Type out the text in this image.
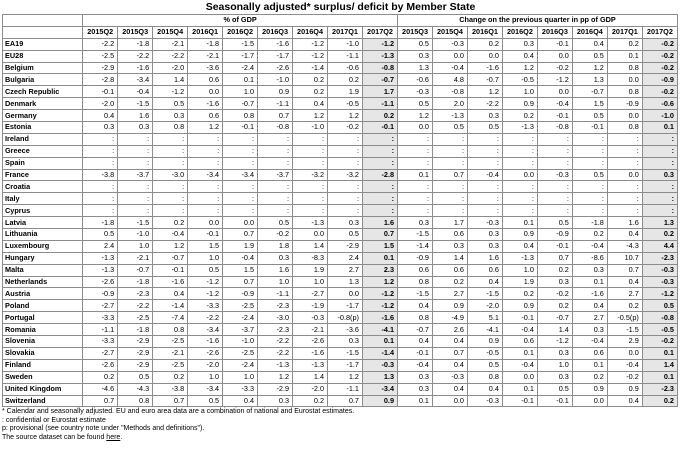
Seasonally adjusted* surplus/ deficit by Member State
	% of GDP									Change on the previous quarter in pp of GDP							
	2015Q2	2015Q3	2015Q4	2016Q1	2016Q2	2016Q3	2016Q4	2017Q1	2017Q2	2015Q3	2015Q4	2016Q1	2016Q2	2016Q3	2016Q4	2017Q1	2017Q2
EA19	-2.2	-1.8	-2.1	-1.8	-1.5	-1.6	-1.2	-1.0	-1.2	0.5	-0.3	0.2	0.3	-0.1	0.4	0.2	-0.2
EU28	-2.5	-2.2	-2.2	-2.1	-1.7	-1.7	-1.2	-1.1	-1.3	0.3	0.0	0.0	0.4	0.0	0.5	0.1	-0.2
Belgium	-2.9	-1.6	-2.0	-3.6	-2.4	-2.6	-1.4	-0.6	-0.8	1.3	-0.4	-1.6	1.2	-0.2	1.2	0.8	-0.2
Bulgaria	-2.8	-3.4	1.4	0.6	0.1	-1.0	0.2	0.2	-0.7	-0.6	4.8	-0.7	-0.5	-1.2	1.3	0.0	-0.9
Czech Republic	-0.1	-0.4	-1.2	0.0	1.0	0.9	0.2	1.9	1.7	-0.3	-0.8	1.2	1.0	0.0	-0.7	0.8	-0.2
Denmark	-2.0	-1.5	0.5	-1.6	-0.7	-1.1	0.4	-0.5	-1.1	0.5	2.0	-2.2	0.9	-0.4	1.5	-0.9	-0.6
Germany	0.4	1.6	0.3	0.6	0.8	0.7	1.2	1.2	0.2	1.2	-1.3	0.3	0.2	-0.1	0.5	0.0	-1.0
Estonia	0.3	0.3	0.8	1.2	-0.1	-0.8	-1.0	-0.2	-0.1	0.0	0.5	0.5	-1.3	-0.8	-0.1	0.8	0.1
Ireland	:	:	:	:	:	:	:	:	:	:	:	:	:	:	:	:	:
Greece	:	:	:	:	:	:	:	:	:	:	:	:	:	:	:	:	:
Spain	:	:	:	:	:	:	:	:	:	:	:	:	:	:	:	:	:
France	-3.8	-3.7	-3.0	-3.4	-3.4	-3.7	-3.2	-3.2	-2.8	0.1	0.7	-0.4	0.0	-0.3	0.5	0.0	0.3
Croatia	:	:	:	:	:	:	:	:	:	:	:	:	:	:	:	:	:
Italy	:	:	:	:	:	:	:	:	:	:	:	:	:	:	:	:	:
Cyprus	:	:	:	:	:	:	:	:	:	:	:	:	:	:	:	:	:
Latvia	-1.8	-1.5	0.2	0.0	0.0	0.5	-1.3	0.3	1.6	0.3	1.7	-0.3	0.1	0.5	-1.8	1.6	1.3
Lithuania	0.5	-1.0	-0.4	-0.1	0.7	-0.2	0.0	0.5	0.7	-1.5	0.6	0.3	0.9	-0.9	0.2	0.4	0.2
Luxembourg	2.4	1.0	1.2	1.5	1.9	1.8	1.4	-2.9	1.5	-1.4	0.3	0.3	0.4	-0.1	-0.4	-4.3	4.4
Hungary	-1.3	-2.1	-0.7	1.0	-0.4	0.3	-8.3	2.4	0.1	-0.9	1.4	1.6	-1.3	0.7	-8.6	10.7	-2.3
Malta	-1.3	-0.7	-0.1	0.5	1.5	1.6	1.9	2.7	2.3	0.6	0.6	0.6	1.0	0.2	0.3	0.7	-0.3
Netherlands	-2.6	-1.8	-1.6	-1.2	0.7	1.0	1.0	1.3	1.2	0.8	0.2	0.4	1.9	0.3	0.1	0.4	-0.3
Austria	-0.9	-2.3	0.4	-1.2	-0.9	-1.1	-2.7	0.0	-1.2	-1.5	2.7	-1.5	0.2	-0.2	-1.6	2.7	-1.2
Poland	-2.7	-2.2	-1.4	-3.3	-2.5	-2.3	-1.9	-1.7	-1.2	0.4	0.9	-2.0	0.9	0.2	0.4	0.2	0.5
Portugal	-3.3	-2.5	-7.4	-2.2	-2.4	-3.0	-0.3	-0.8(p)	-1.6	0.8	-4.9	5.1	-0.1	-0.7	2.7	-0.5(p)	-0.8
Romania	-1.1	-1.8	0.8	-3.4	-3.7	-2.3	-2.1	-3.6	-4.1	-0.7	2.6	-4.1	-0.4	1.4	0.3	-1.5	-0.5
Slovenia	-3.3	-2.9	-2.5	-1.6	-1.0	-2.2	-2.6	0.3	0.1	0.4	0.4	0.9	0.6	-1.2	-0.4	2.9	-0.2
Slovakia	-2.7	-2.9	-2.1	-2.6	-2.5	-2.2	-1.6	-1.5	-1.4	-0.1	0.7	-0.5	0.1	0.3	0.6	0.0	0.1
Finland	-2.6	-2.9	-2.5	-2.0	-2.4	-1.3	-1.3	-1.7	-0.3	-0.4	0.4	0.5	-0.4	1.0	0.1	-0.4	1.4
Sweden	0.2	0.5	0.2	1.0	1.0	1.2	1.4	1.2	1.3	0.3	-0.3	0.8	0.0	0.3	0.2	-0.2	0.1
United Kingdom	-4.6	-4.3	-3.8	-3.4	-3.3	-2.9	-2.0	-1.1	-3.4	0.3	0.4	0.4	0.1	0.5	0.9	0.9	-2.3
Switzerland	0.7	0.8	0.7	0.5	0.4	0.3	0.2	0.7	0.9	0.1	0.0	-0.3	-0.1	-0.1	0.0	0.4	0.2
* Calendar and seasonally adjusted. EU and euro area data are a combination of national and Eurostat estimates.
: confidential or Eurostat estimate
p: provisional (see country note under "Methods and definitions").
The source dataset can be found here.
